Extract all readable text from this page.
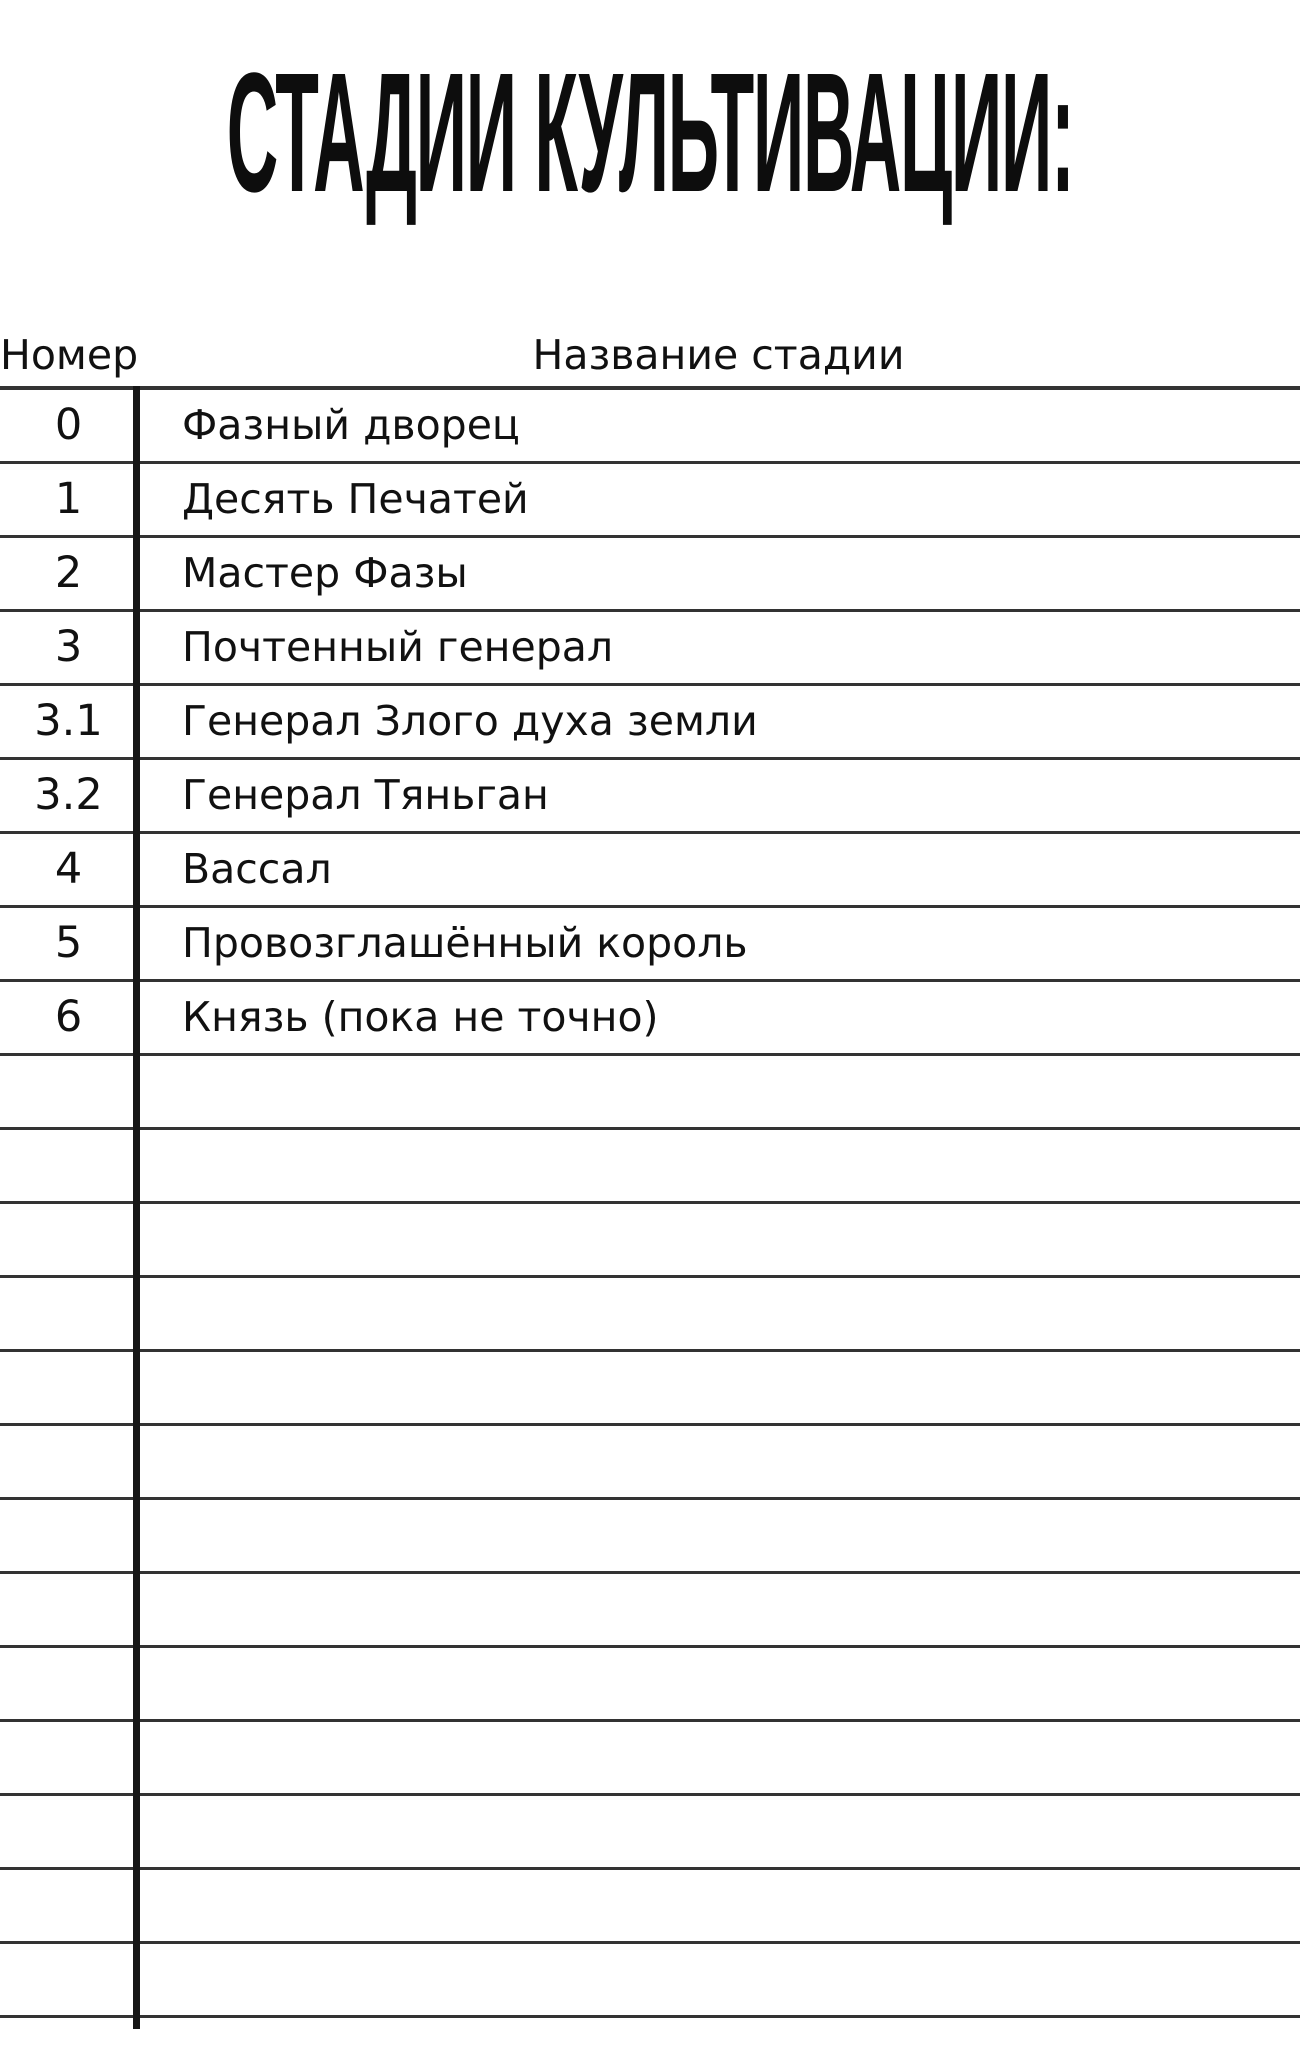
СТАДИИ КУЛЬТИВАЦИИ:
Номер	Название стадии
0	Фазный дворец
1	Десять Печатей
2	Мастер Фазы
3	Почтенный генерал
3.1	Генерал Злого духа земли
3.2	Генерал Тяньган
4	Вассал
5	Провозглашённый король
6	Князь (пока не точно)
